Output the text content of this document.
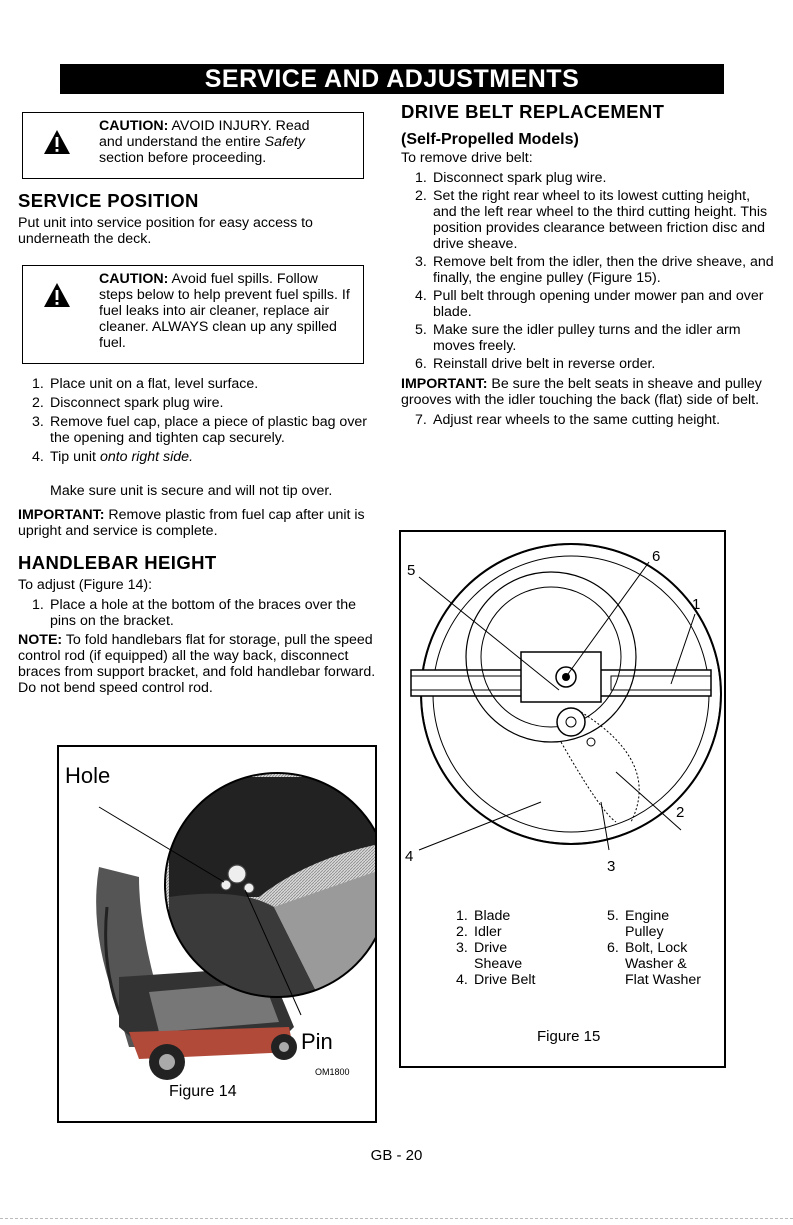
SERVICE AND ADJUSTMENTS
CAUTION: AVOID INJURY. Read
and understand the entire Safety
section before proceeding.
SERVICE POSITION

Put unit into service position for easy access to underneath the deck.

CAUTION: Avoid fuel spills. Follow steps below to help prevent fuel spills. If fuel leaks into air cleaner, replace air cleaner. ALWAYS clean up any spilled fuel.
1. Place unit on a flat, level surface.
2. Disconnect spark plug wire.
3. Remove fuel cap, place a piece of plastic bag over the opening and tighten cap securely.
4. Tip unit onto right side.

Make sure unit is secure and will not tip over.

IMPORTANT: Remove plastic from fuel cap after unit is upright and service is complete.

HANDLEBAR HEIGHT

To adjust (Figure 14):

1. Place a hole at the bottom of the braces over the pins on the bracket.

NOTE: To fold handlebars flat for storage, pull the speed control rod (if equipped) all the way back, disconnect braces from support bracket, and fold handlebar forward. Do not bend speed control rod.

Hole
Pin
OM1800
Figure 14
DRIVE BELT REPLACEMENT
(Self-Propelled Models)

To remove drive belt:

1. Disconnect spark plug wire.
2. Set the right rear wheel to its lowest cutting height, and the left rear wheel to the third cutting height. This position provides clearance between friction disc and drive sheave.
3. Remove belt from the idler, then the drive sheave, and finally, the engine pulley (Figure 15).
4. Pull belt through opening under mower pan and over blade.
5. Make sure the idler pulley turns and the idler arm moves freely.
6. Reinstall drive belt in reverse order.

IMPORTANT: Be sure the belt seats in sheave and pulley grooves with the idler touching the back (flat) side of belt.

7. Adjust rear wheels to the same cutting height.
5
6
1
2
4
3
1. Blade
2. Idler
3. Drive Sheave
4. Drive Belt
5. Engine Pulley
6. Bolt, Lock Washer & Flat Washer
Figure 15
GB - 20
